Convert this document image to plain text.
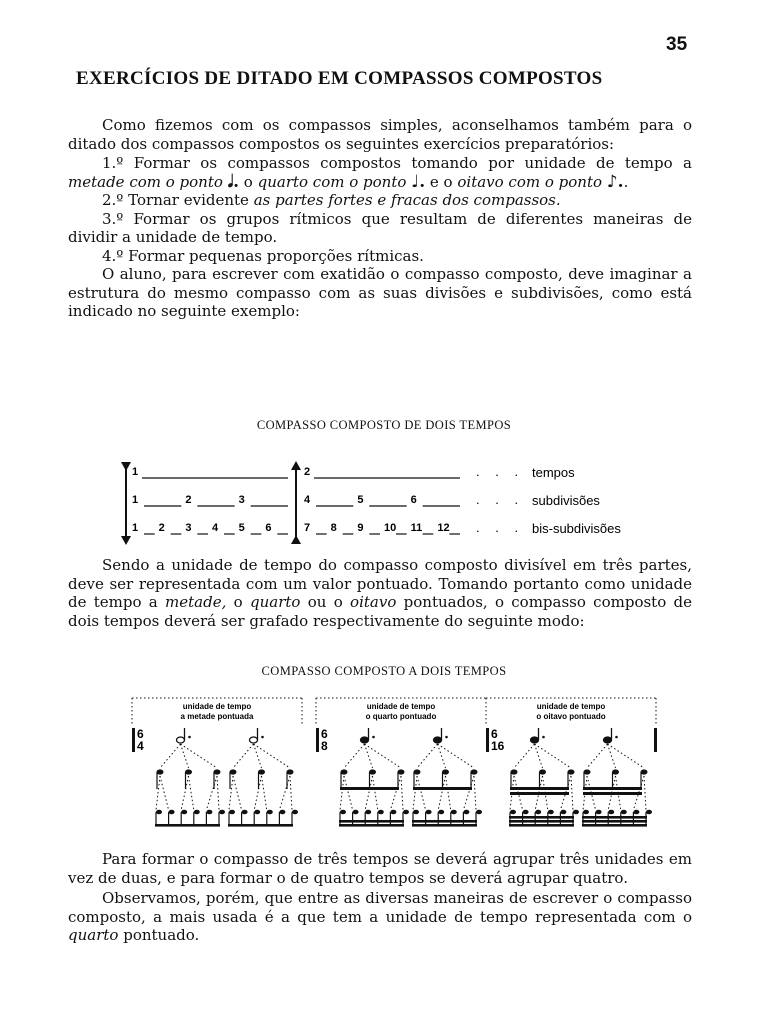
35
EXERCÍCIOS DE DITADO EM COMPASSOS COMPOSTOS

Como fizemos com os compassos simples, aconselhamos também para o ditado dos compassos compostos os seguintes exercícios preparatórios:

1.º Formar os compassos compostos tomando por unidade de tempo a metade com o ponto 𝅗𝅥. o quarto com o ponto ♩. e o oitavo com o ponto ♪..

2.º Tornar evidente as partes fortes e fracas dos compassos.

3.º Formar os grupos rítmicos que resultam de diferentes maneiras de dividir a unidade de tempo.

4.º Formar pequenas proporções rítmicas.

O aluno, para escrever com exatidão o compasso composto, deve imaginar a estrutura do mesmo compasso com as suas divisões e subdivisões, como está indicado no seguinte exemplo:

COMPASSO COMPOSTO DE DOIS TEMPOS
1	2	. . . tempos
1	2	3	4	5	6	. . . subdivisões
1 2 3 4 5 6	7 8 9 10 11 12 . . . bis-subdivisões

Sendo a unidade de tempo do compasso composto divisível em três partes, deve ser representada com um valor pontuado. Tomando portanto como unidade de tempo a metade, o quarto ou o oitavo pontuados, o compasso composto de dois tempos deverá ser grafado respectivamente do seguinte modo:

COMPASSO COMPOSTO A DOIS TEMPOS
unidade de tempo
a metade pontuada
6
4
unidade de tempo
o quarto pontuado
6
8
unidade de tempo
o oitavo pontuado
6
16

Para formar o compasso de três tempos se deverá agrupar três unidades em vez de duas, e para formar o de quatro tempos se deverá agrupar quatro.

Observamos, porém, que entre as diversas maneiras de escrever o compasso composto, a mais usada é a que tem a unidade de tempo representada com o quarto pontuado.
